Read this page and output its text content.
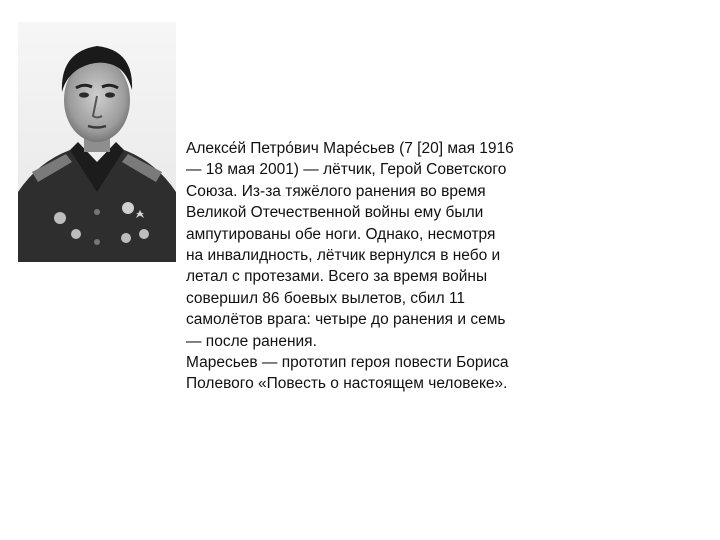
Алексе́й Петро́вич Маре́сьев (7 [20] мая 1916
— 18 мая 2001) — лётчик, Герой Советского
Союза. Из-за тяжёлого ранения во время
Великой Отечественной войны ему были
ампутированы обе ноги. Однако, несмотря
на инвалидность, лётчик вернулся в небо и
летал с протезами. Всего за время войны
совершил 86 боевых вылетов, сбил 11
самолётов врага: четыре до ранения и семь
— после ранения.

Маресьев — прототип героя повести Бориса
Полевого «Повесть о настоящем человеке».
